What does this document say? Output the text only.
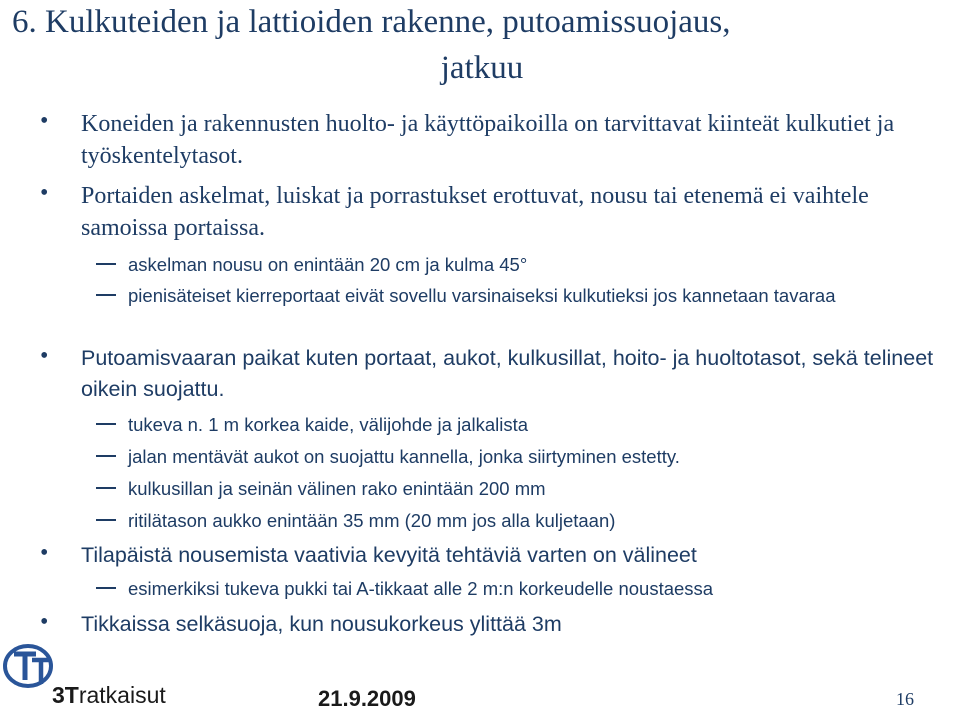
6. Kulkuteiden ja lattioiden rakenne, putoamissuojaus,
jatkuu
• Koneiden ja rakennusten huolto- ja käyttöpaikoilla on tarvittavat kiinteät kulkutiet ja työskentelytasot.
• Portaiden askelmat, luiskat ja porrastukset erottuvat, nousu tai etenemä ei vaihtele samoissa portaissa.
askelman nousu on enintään 20 cm ja kulma 45°
pienisäteiset kierreportaat eivät sovellu varsinaiseksi kulkutieksi jos kannetaan tavaraa
• Putoamisvaaran paikat kuten portaat, aukot, kulkusillat, hoito- ja huoltotasot, sekä telineet oikein suojattu.
tukeva n. 1 m korkea kaide, välijohde ja jalkalista
jalan mentävät aukot on suojattu kannella, jonka siirtyminen estetty.
kulkusillan ja seinän välinen rako enintään 200 mm
ritilätason aukko enintään 35 mm (20 mm jos alla kuljetaan)
• Tilapäistä nousemista vaativia kevyitä tehtäviä varten on välineet
esimerkiksi tukeva pukki tai A-tikkaat alle 2 m:n korkeudelle noustaessa
• Tikkaissa selkäsuoja, kun nousukorkeus ylittää 3m
3Tratkaisut	21.9.2009	16
